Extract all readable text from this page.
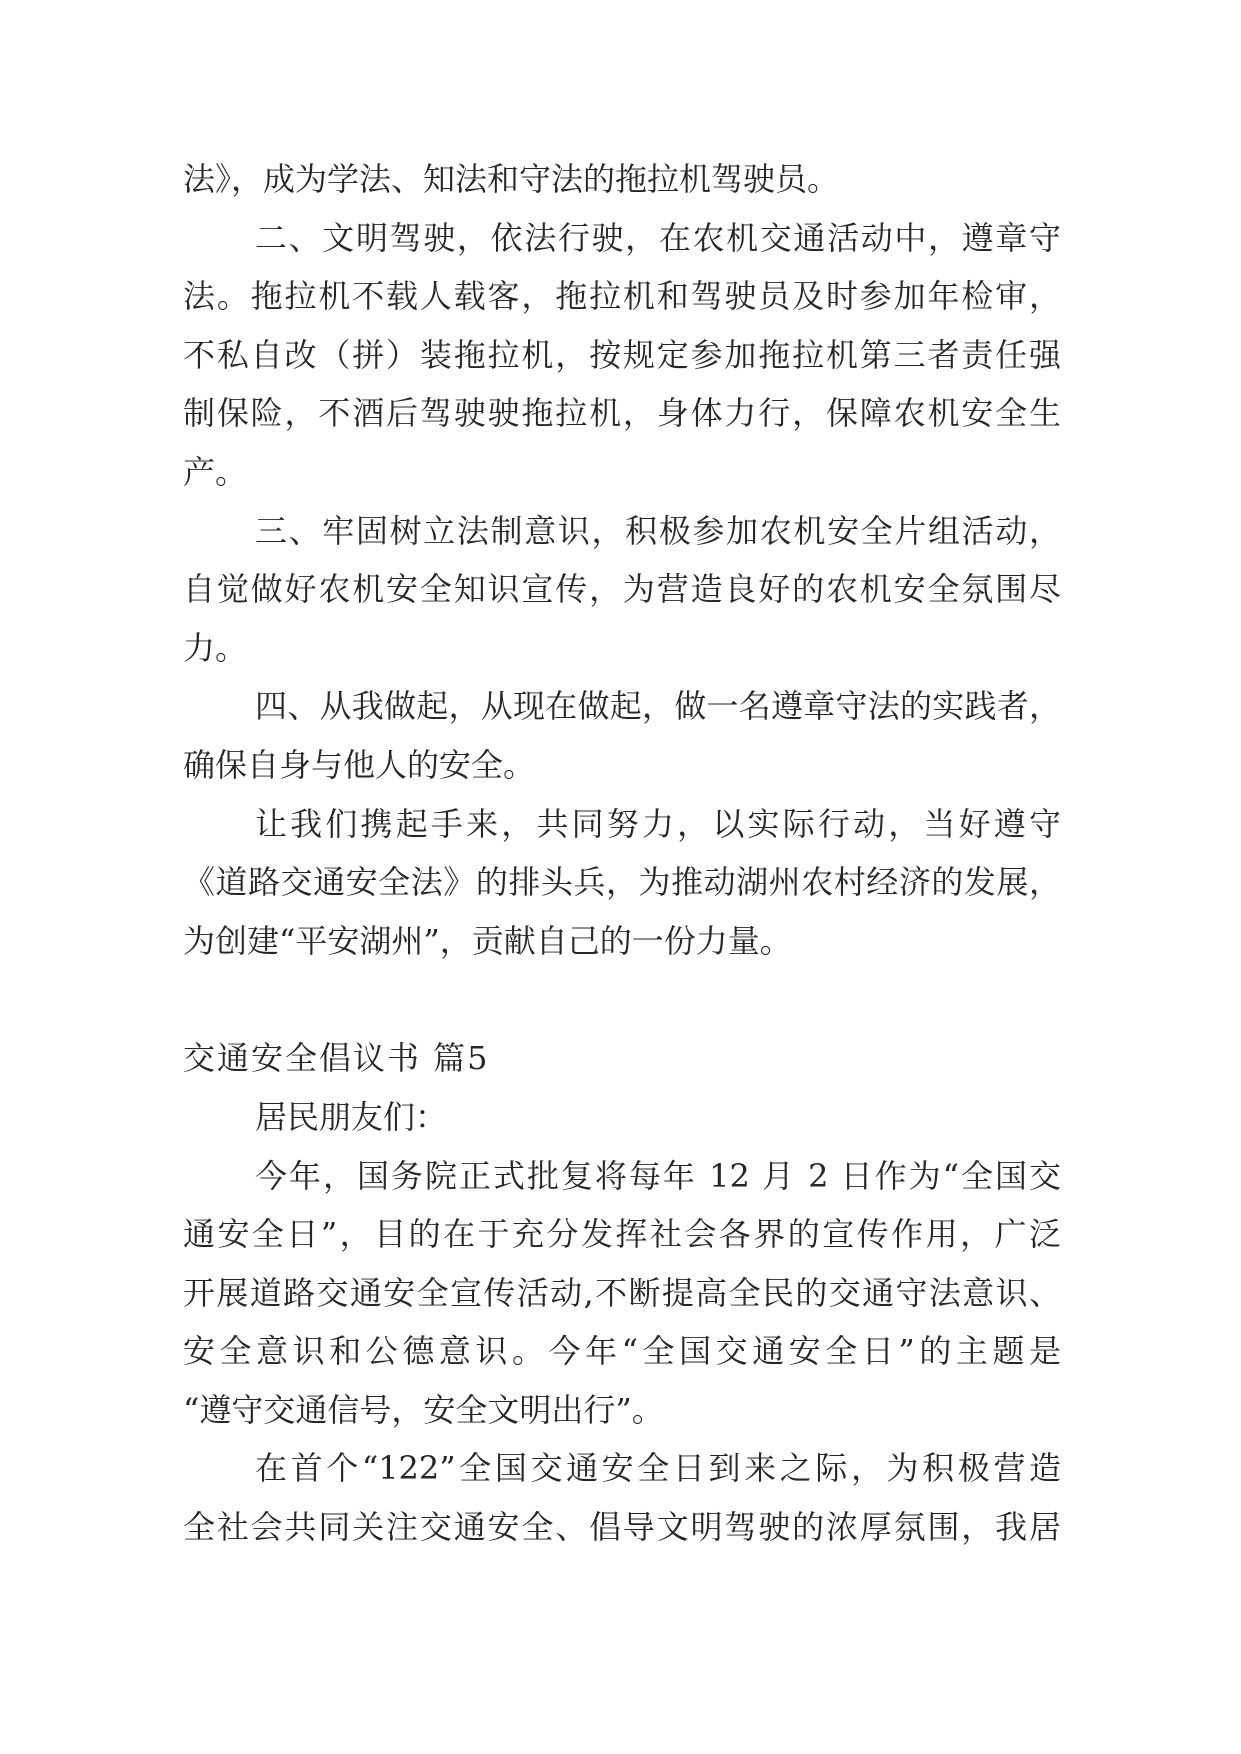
法》，成为学法、知法和守法的拖拉机驾驶员。
二、文明驾驶，依法行驶，在农机交通活动中，遵章守
法。拖拉机不载人载客，拖拉机和驾驶员及时参加年检审，
不私自改（拼）装拖拉机，按规定参加拖拉机第三者责任强
制保险，不酒后驾驶驶拖拉机，身体力行，保障农机安全生
产。
三、牢固树立法制意识，积极参加农机安全片组活动，
自觉做好农机安全知识宣传，为营造良好的农机安全氛围尽
力。
四、从我做起，从现在做起，做一名遵章守法的实践者，
确保自身与他人的安全。
让我们携起手来，共同努力，以实际行动，当好遵守
《道路交通安全法》的排头兵，为推动湖州农村经济的发展，
为创建“平安湖州”，贡献自己的一份力量。
交通安全倡议书 篇5
居民朋友们：
今年，国务院正式批复将每年 12 月 2 日作为“全国交
通安全日”，目的在于充分发挥社会各界的宣传作用，广泛
开展道路交通安全宣传活动,不断提高全民的交通守法意识、
安全意识和公德意识。今年“全国交通安全日”的主题是
“遵守交通信号，安全文明出行”。
在首个“122”全国交通安全日到来之际，为积极营造
全社会共同关注交通安全、倡导文明驾驶的浓厚氛围，我居
